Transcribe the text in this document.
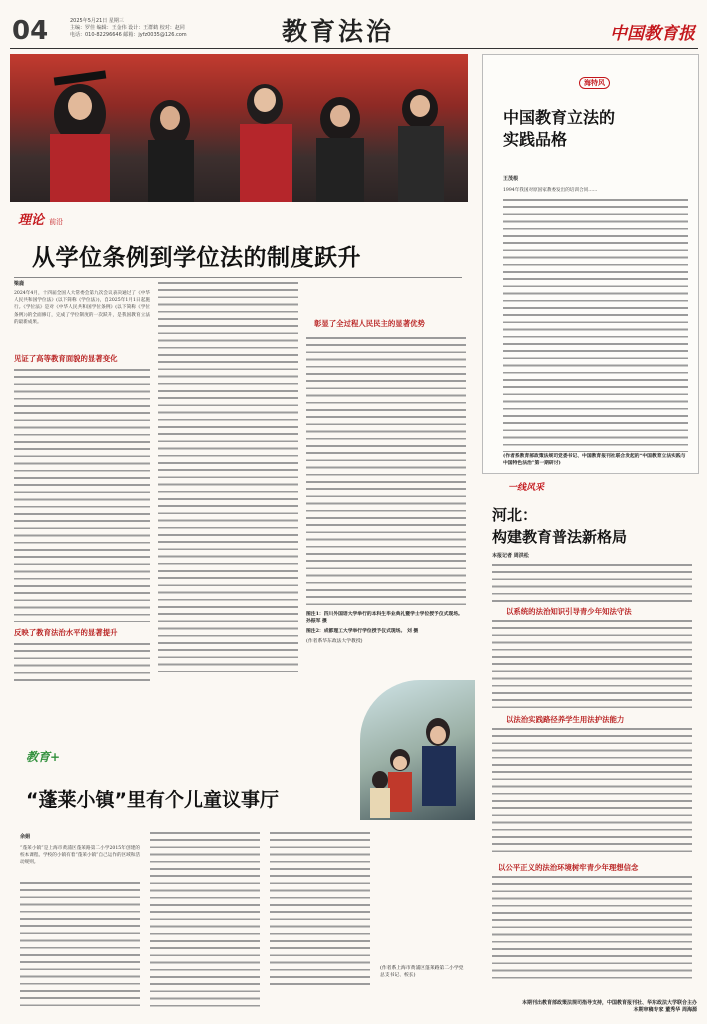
04	2025年5月21日 星期三
主编：罗佳 编辑：王金伟 设计：王群鹤 校对：赵同
电话：010-82296646 邮箱：jyfz0035@126.com	教育法治	中国教育报
理论 前沿
从学位条例到学位法的制度跃升
梁鹿
2024年4月，十四届全国人大常委会第九次会议表决通过了《中华人民共和国学位法》(以下简称《学位法》)，自2025年1月1日起施行。《学位法》是对《中华人民共和国学位条例》(以下简称《学位条例》)的全面修订，完成了学位制度的一次跃升，是我国教育立法的最新成果。
见证了高等教育面貌的显著变化
反映了教育法治水平的显著提升
彰显了全过程人民民主的显著优势
图注1：四川外国语大学举行的本科生毕业典礼暨学士学位授予仪式现场。 孙振军 摄
图注2：成都理工大学举行学位授予仪式现场。 刘 摄
(作者系华东政法大学教授)
教育+
“蓬莱小镇”里有个儿童议事厅
余娟
“蓬莱小镇”是上海市黄浦区蓬莱路第二小学2015年创建的校本课程。学校的小镇有着“蓬莱小镇”自己运作的区域和活动规则。
(作者系上海市黄浦区蓬莱路第二小学党总支书记、校长)
海特风
中国教育立法的
实践品格
王茂根
1994年我国对原国家教委发出的培训合同……
(作者系教育部政策法规司党委书记、中国教育报刊社联合发起的“中国教育立法实践与中国特色法治”第一期研讨)
一线风采
河北：
构建教育普法新格局
本报记者 周洪松
以系统的法治知识引导青少年知法守法
以法治实践路径养学生用法护法能力
以公平正义的法治环境树牢青少年理想信念
本期刊出教育部政策法规司指导支持，中国教育报刊社、华东政法大学联合主办
本期审稿专家 董秀华 周海源
